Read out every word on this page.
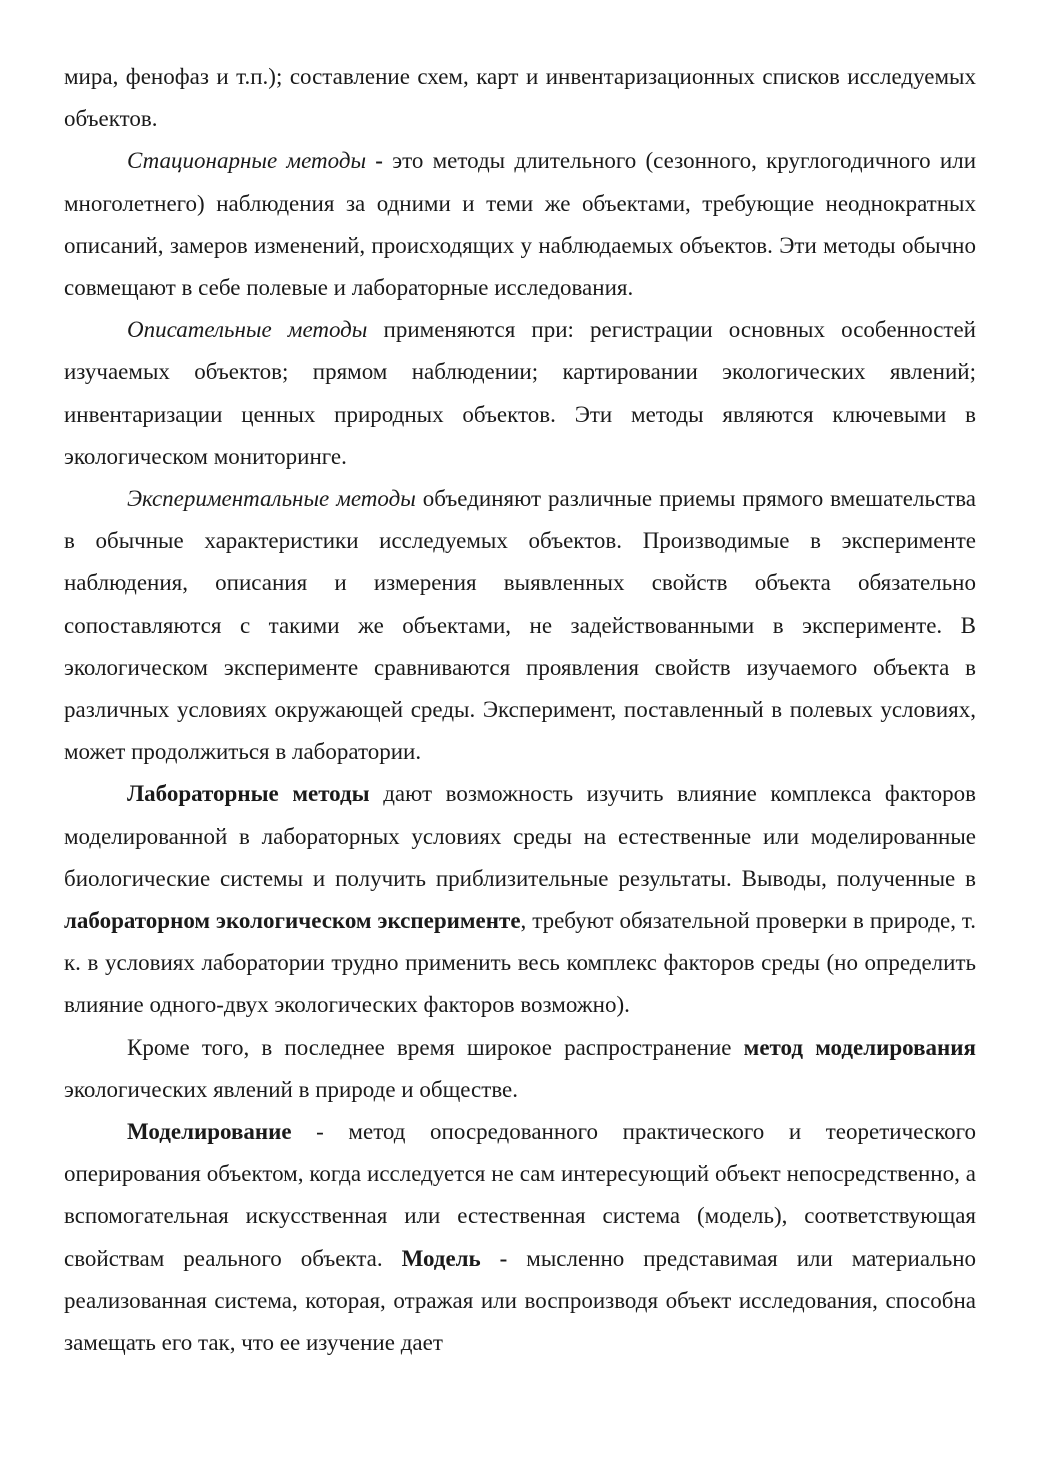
мира, фенофаз и т.п.); составление схем, карт и инвентаризационных списков исследуемых объектов.

Стационарные методы - это методы длительного (сезонного, круглогодичного или многолетнего) наблюдения за одними и теми же объектами, требующие неоднократных описаний, замеров изменений, происходящих у наблюдаемых объектов. Эти методы обычно совмещают в себе полевые и лабораторные исследования.

Описательные методы применяются при: регистрации основных особенностей изучаемых объектов; прямом наблюдении; картировании экологических явлений; инвентаризации ценных природных объектов. Эти методы являются ключевыми в экологическом мониторинге.

Экспериментальные методы объединяют различные приемы прямого вмешательства в обычные характеристики исследуемых объектов. Производимые в эксперименте наблюдения, описания и измерения выявленных свойств объекта обязательно сопоставляются с такими же объектами, не задействованными в эксперименте. В экологическом эксперименте сравниваются проявления свойств изучаемого объекта в различных условиях окружающей среды. Эксперимент, поставленный в полевых условиях, может продолжиться в лаборатории.

Лабораторные методы дают возможность изучить влияние комплекса факторов моделированной в лабораторных условиях среды на естественные или моделированные биологические системы и получить приблизительные результаты. Выводы, полученные в лабораторном экологическом эксперименте, требуют обязательной проверки в природе, т. к. в условиях лаборатории трудно применить весь комплекс факторов среды (но определить влияние одного-двух экологических факторов возможно).

Кроме того, в последнее время широкое распространение метод моделирования экологических явлений в природе и обществе.

Моделирование - метод опосредованного практического и теоретического оперирования объектом, когда исследуется не сам интересующий объект непосредственно, а вспомогательная искусственная или естественная система (модель), соответствующая свойствам реального объекта. Модель - мысленно представимая или материально реализованная система, которая, отражая или воспроизводя объект исследования, способна замещать его так, что ее изучение дает
